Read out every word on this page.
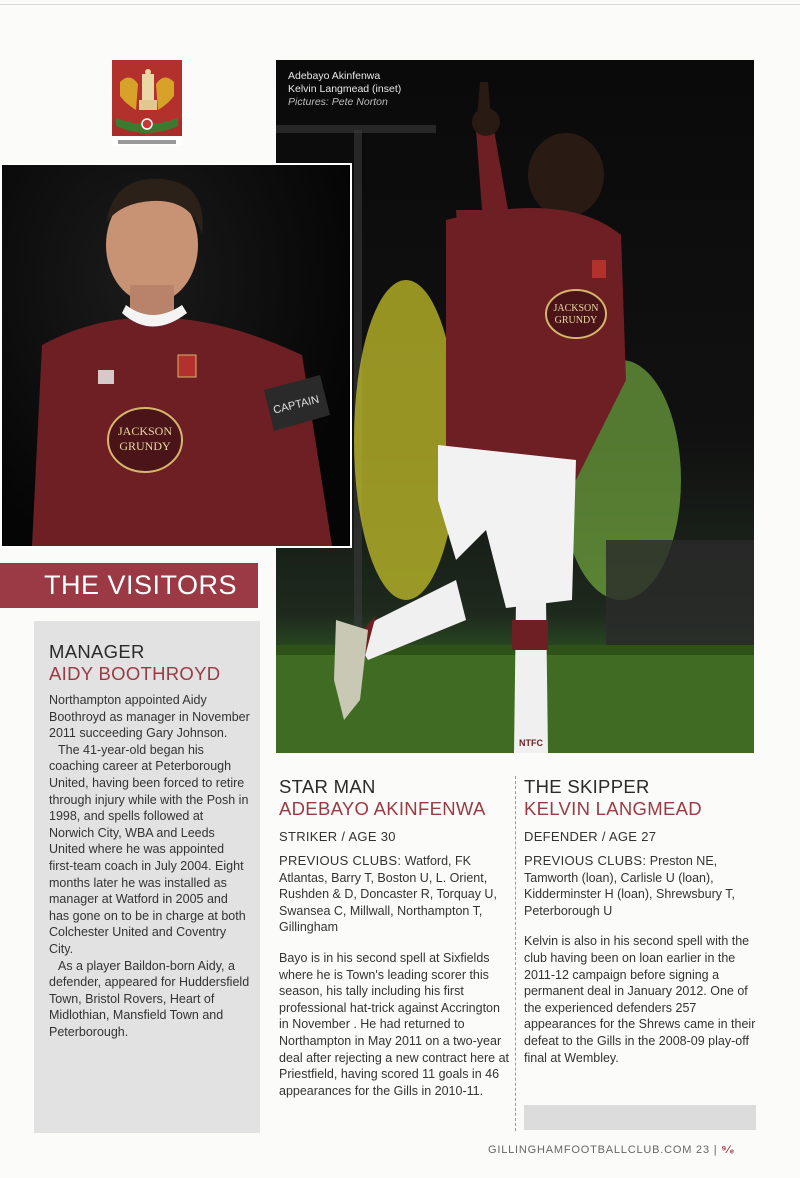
JACKSON
GRUNDY
NTFC
Adebayo Akinfenwa
Kelvin Langmead (inset)
Pictures: Pete Norton
CAPTAIN
JACKSON
GRUNDY
THE VISITORS
MANAGER
AIDY BOOTHROYD

Northampton appointed Aidy Boothroyd as manager in November 2011 succeeding Gary Johnson.

The 41-year-old began his coaching career at Peterborough United, having been forced to retire through injury while with the Posh in 1998, and spells followed at Norwich City, WBA and Leeds United where he was appointed first-team coach in July 2004. Eight months later he was installed as manager at Watford in 2005 and has gone on to be in charge at both Colchester United and Coventry City.

As a player Baildon-born Aidy, a defender, appeared for Huddersfield Town, Bristol Rovers, Heart of Midlothian, Mansfield Town and Peterborough.

STAR MAN
ADEBAYO AKINFENWA
STRIKER / AGE 30
PREVIOUS CLUBS: Watford, FK Atlantas, Barry T, Boston U, L. Orient, Rushden & D, Doncaster R, Torquay U, Swansea C, Millwall, Northampton T, Gillingham

Bayo is in his second spell at Sixfields where he is Town's leading scorer this season, his tally including his first professional hat-trick against Accrington in November . He had returned to Northampton in May 2011 on a two-year deal after rejecting a new contract here at Priestfield, having scored 11 goals in 46 appearances for the Gills in 2010-11.

THE SKIPPER
KELVIN LANGMEAD
DEFENDER / AGE 27
PREVIOUS CLUBS: Preston NE, Tamworth (loan), Carlisle U (loan), Kidderminster H (loan), Shrewsbury T, Peterborough U

Kelvin is also in his second spell with the club having been on loan earlier in the 2011-12 campaign before signing a permanent deal in January 2012. One of the experienced defenders 257 appearances for the Shrews came in their defeat to the Gills in the 2008-09 play-off final at Wembley.

GILLINGHAMFOOTBALLCLUB.COM 23 | ⁹⁄ₑ
